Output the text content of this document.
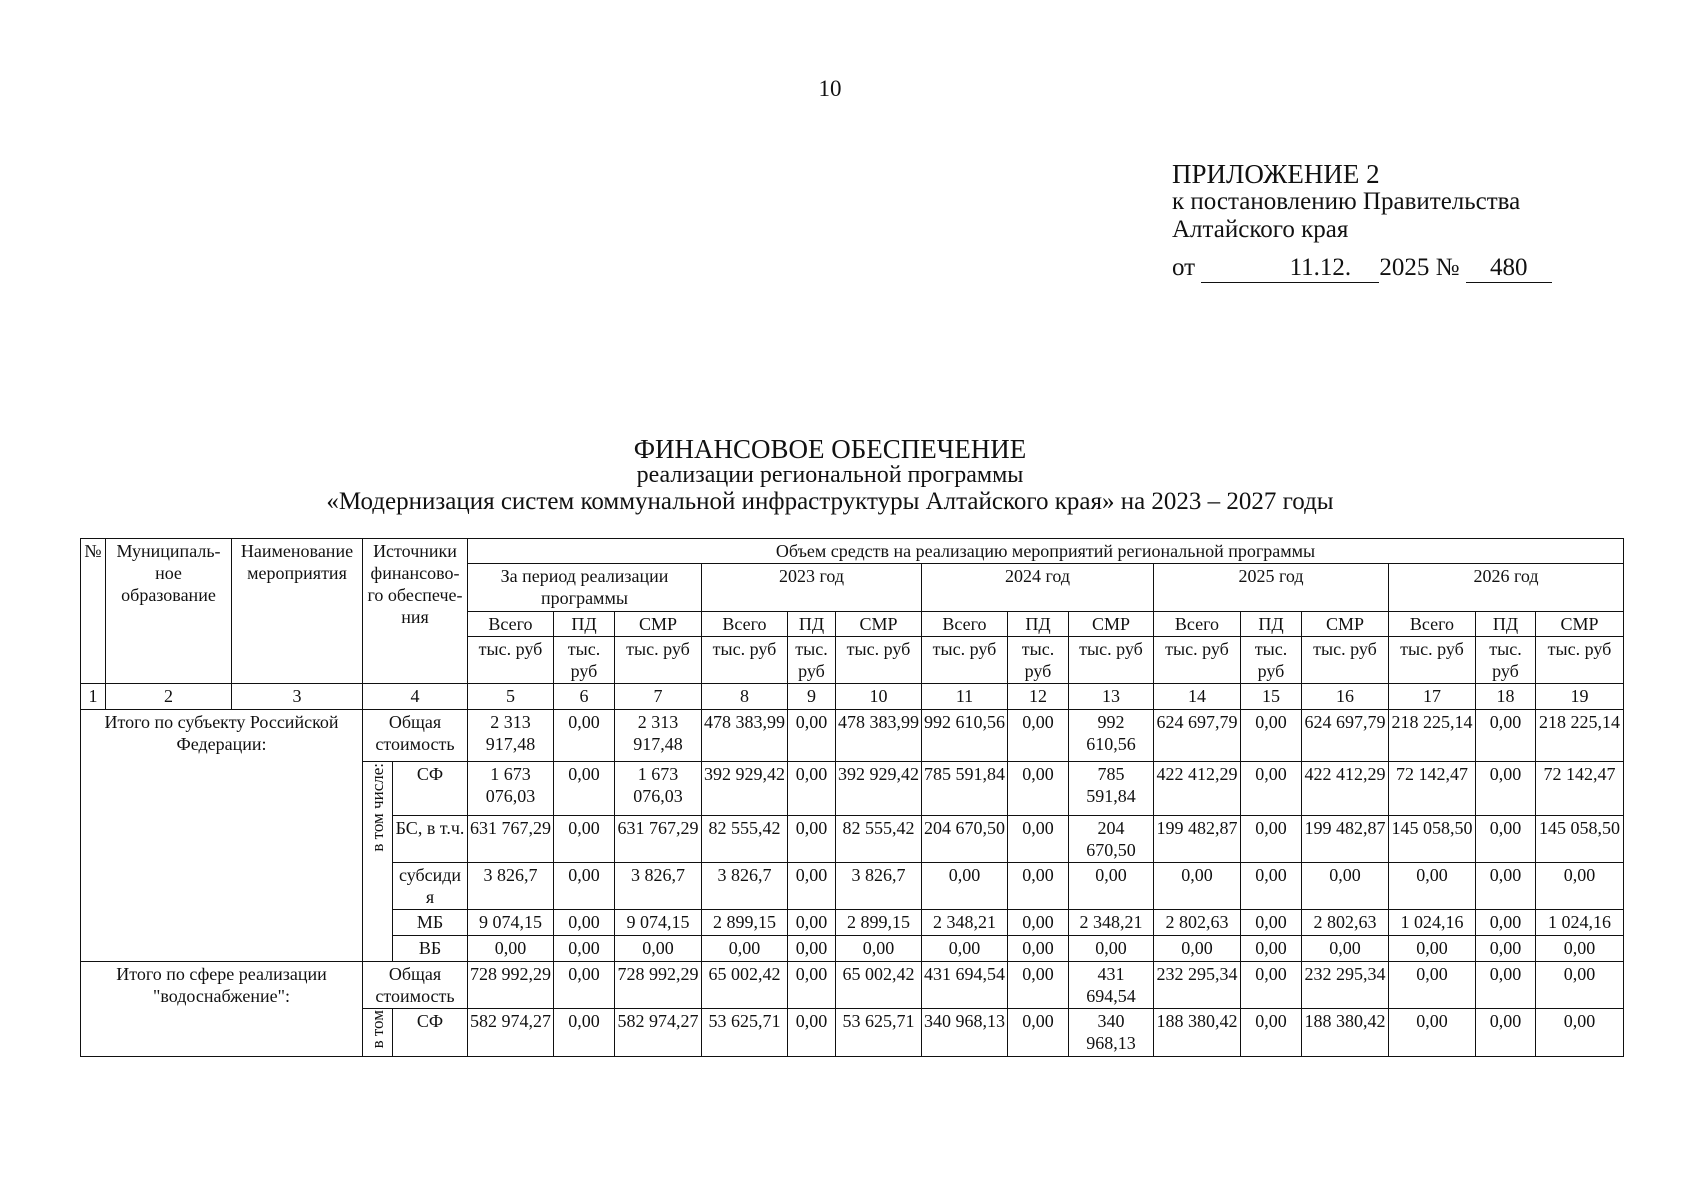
10
ПРИЛОЖЕНИЕ 2
к постановлению Правительства
Алтайского края
от	11.12. 2025 № 480
ФИНАНСОВОЕ ОБЕСПЕЧЕНИЕ
реализации региональной программы
«Модернизация систем коммунальной инфраструктуры Алтайского края» на 2023 – 2027 годы
№	Муниципаль- ное образование	Наименование мероприятия	Источники финансово- го обеспече- ния		Объем средств на реализацию мероприятий региональной программы														
					За период реализации программы			2023 год			2024 год			2025 год			2026 год		
					Всего	ПД	СМР	Всего	ПД	СМР	Всего	ПД	СМР	Всего	ПД	СМР	Всего	ПД	СМР
					тыс. руб	тыс. руб	тыс. руб	тыс. руб	тыс. руб	тыс. руб	тыс. руб	тыс. руб	тыс. руб	тыс. руб	тыс. руб	тыс. руб	тыс. руб	тыс. руб	тыс. руб
1	2	3	4		5	6	7	8	9	10	11	12	13	14	15	16	17	18	19
Итого по субъекту Российской Федерации:			Общая стоимость		2 313 917,48	0,00	2 313 917,48	478 383,99	0,00	478 383,99	992 610,56	0,00	992 610,56	624 697,79	0,00	624 697,79	218 225,14	0,00	218 225,14
			в том числе:	СФ	1 673 076,03	0,00	1 673 076,03	392 929,42	0,00	392 929,42	785 591,84	0,00	785 591,84	422 412,29	0,00	422 412,29	72 142,47	0,00	72 142,47
				БС, в т.ч.	631 767,29	0,00	631 767,29	82 555,42	0,00	82 555,42	204 670,50	0,00	204 670,50	199 482,87	0,00	199 482,87	145 058,50	0,00	145 058,50
				субсиди я	3 826,7	0,00	3 826,7	3 826,7	0,00	3 826,7	0,00	0,00	0,00	0,00	0,00	0,00	0,00	0,00	0,00
				МБ	9 074,15	0,00	9 074,15	2 899,15	0,00	2 899,15	2 348,21	0,00	2 348,21	2 802,63	0,00	2 802,63	1 024,16	0,00	1 024,16
				ВБ	0,00	0,00	0,00	0,00	0,00	0,00	0,00	0,00	0,00	0,00	0,00	0,00	0,00	0,00	0,00
Итого по сфере реализации "водоснабжение":			Общая стоимость		728 992,29	0,00	728 992,29	65 002,42	0,00	65 002,42	431 694,54	0,00	431 694,54	232 295,34	0,00	232 295,34	0,00	0,00	0,00
			в том	СФ	582 974,27	0,00	582 974,27	53 625,71	0,00	53 625,71	340 968,13	0,00	340 968,13	188 380,42	0,00	188 380,42	0,00	0,00	0,00
